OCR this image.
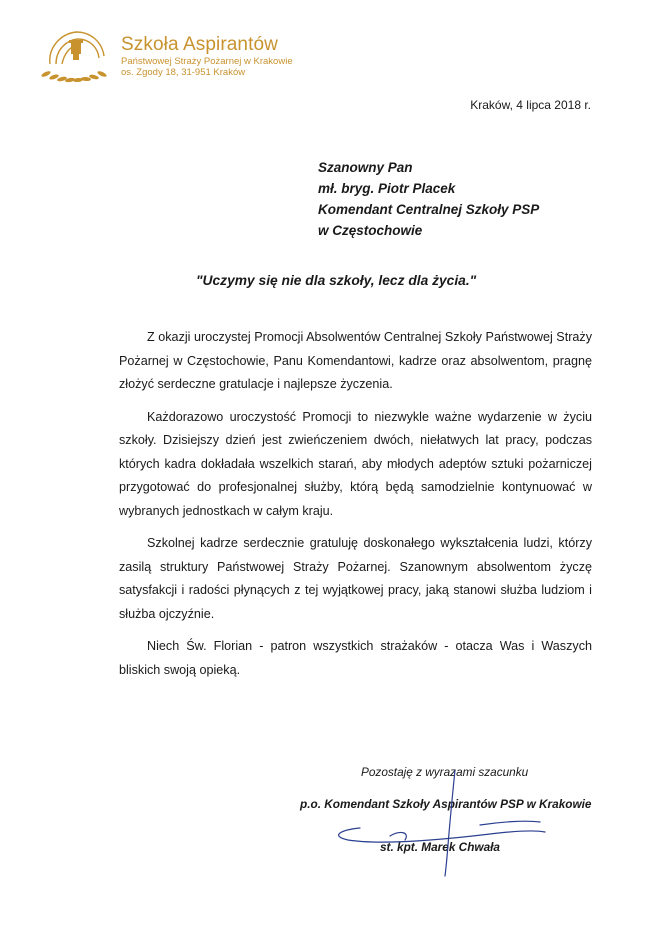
Szkoła Aspirantów
Państwowej Straży Pożarnej w Krakowie
os. Zgody 18, 31-951 Kraków
Kraków, 4 lipca 2018 r.
Szanowny Pan
mł. bryg. Piotr Placek
Komendant Centralnej Szkoły PSP
w Częstochowie
"Uczymy się nie dla szkoły, lecz dla życia."

Z okazji uroczystej Promocji Absolwentów Centralnej Szkoły Państwowej Straży Pożarnej w Częstochowie, Panu Komendantowi, kadrze oraz absolwentom, pragnę złożyć serdeczne gratulacje i najlepsze życzenia.

Każdorazowo uroczystość Promocji to niezwykle ważne wydarzenie w życiu szkoły. Dzisiejszy dzień jest zwieńczeniem dwóch, niełatwych lat pracy, podczas których kadra dokładała wszelkich starań, aby młodych adeptów sztuki pożarniczej przygotować do profesjonalnej służby, którą będą samodzielnie kontynuować w wybranych jednostkach w całym kraju.

Szkolnej kadrze serdecznie gratuluję doskonałego wykształcenia ludzi, którzy zasilą struktury Państwowej Straży Pożarnej. Szanownym absolwentom życzę satysfakcji i radości płynących z tej wyjątkowej pracy, jaką stanowi służba ludziom i służba ojczyźnie.

Niech Św. Florian - patron wszystkich strażaków - otacza Was i Waszych bliskich swoją opieką.

Pozostaję z wyrazami szacunku
p.o. Komendant Szkoły Aspirantów PSP w Krakowie
st. kpt. Marek Chwała
